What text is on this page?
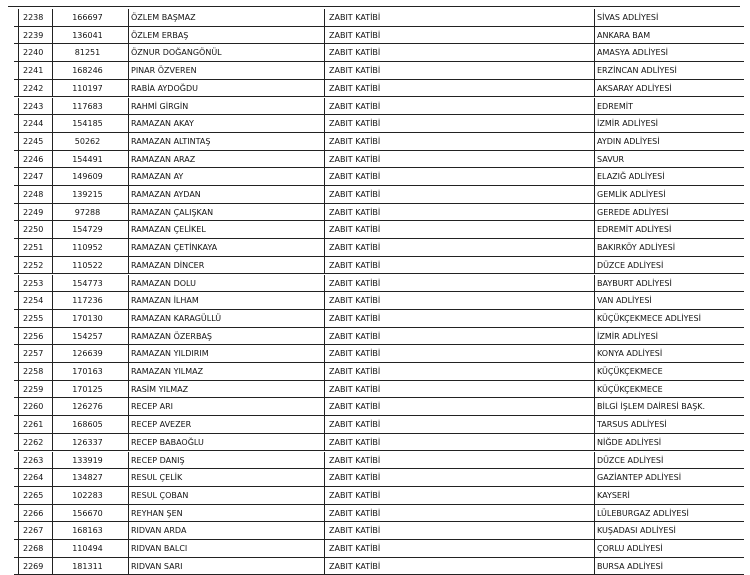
2238	166697	ÖZLEM BAŞMAZ	ZABIT KATİBİ	SİVAS ADLİYESİ
2239	136041	ÖZLEM ERBAŞ	ZABIT KATİBİ	ANKARA BAM
2240	81251	ÖZNUR DOĞANGÖNÜL	ZABIT KATİBİ	AMASYA ADLİYESİ
2241	168246	PINAR ÖZVEREN	ZABIT KATİBİ	ERZİNCAN ADLİYESİ
2242	110197	RABİA AYDOĞDU	ZABIT KATİBİ	AKSARAY ADLİYESİ
2243	117683	RAHMİ GİRGİN	ZABIT KATİBİ	EDREMİT
2244	154185	RAMAZAN AKAY	ZABIT KATİBİ	İZMİR ADLİYESİ
2245	50262	RAMAZAN ALTINTAŞ	ZABIT KATİBİ	AYDIN ADLİYESİ
2246	154491	RAMAZAN ARAZ	ZABIT KATİBİ	SAVUR
2247	149609	RAMAZAN AY	ZABIT KATİBİ	ELAZIĞ ADLİYESİ
2248	139215	RAMAZAN AYDAN	ZABIT KATİBİ	GEMLİK ADLİYESİ
2249	97288	RAMAZAN ÇALIŞKAN	ZABIT KATİBİ	GEREDE ADLİYESİ
2250	154729	RAMAZAN ÇELİKEL	ZABIT KATİBİ	EDREMİT ADLİYESİ
2251	110952	RAMAZAN ÇETİNKAYA	ZABIT KATİBİ	BAKIRKÖY ADLİYESİ
2252	110522	RAMAZAN DİNCER	ZABIT KATİBİ	DÜZCE ADLİYESİ
2253	154773	RAMAZAN DOLU	ZABIT KATİBİ	BAYBURT ADLİYESİ
2254	117236	RAMAZAN İLHAM	ZABIT KATİBİ	VAN ADLİYESİ
2255	170130	RAMAZAN KARAGÜLLÜ	ZABIT KATİBİ	KÜÇÜKÇEKMECE ADLİYESİ
2256	154257	RAMAZAN ÖZERBAŞ	ZABIT KATİBİ	İZMİR ADLİYESİ
2257	126639	RAMAZAN YILDIRIM	ZABIT KATİBİ	KONYA ADLİYESİ
2258	170163	RAMAZAN YILMAZ	ZABIT KATİBİ	KÜÇÜKÇEKMECE
2259	170125	RASİM YILMAZ	ZABIT KATİBİ	KÜÇÜKÇEKMECE
2260	126276	RECEP ARI	ZABIT KATİBİ	BİLGİ İŞLEM DAİRESİ BAŞK.
2261	168605	RECEP AVEZER	ZABIT KATİBİ	TARSUS ADLİYESİ
2262	126337	RECEP BABAOĞLU	ZABIT KATİBİ	NİĞDE ADLİYESİ
2263	133919	RECEP DANIŞ	ZABIT KATİBİ	DÜZCE ADLİYESİ
2264	134827	RESUL ÇELİK	ZABIT KATİBİ	GAZİANTEP ADLİYESİ
2265	102283	RESUL ÇOBAN	ZABIT KATİBİ	KAYSERİ
2266	156670	REYHAN ŞEN	ZABIT KATİBİ	LÜLEBURGAZ ADLİYESİ
2267	168163	RIDVAN ARDA	ZABIT KATİBİ	KUŞADASI ADLİYESİ
2268	110494	RIDVAN BALCI	ZABIT KATİBİ	ÇORLU ADLİYESİ
2269	181311	RIDVAN SARI	ZABIT KATİBİ	BURSA ADLİYESİ
